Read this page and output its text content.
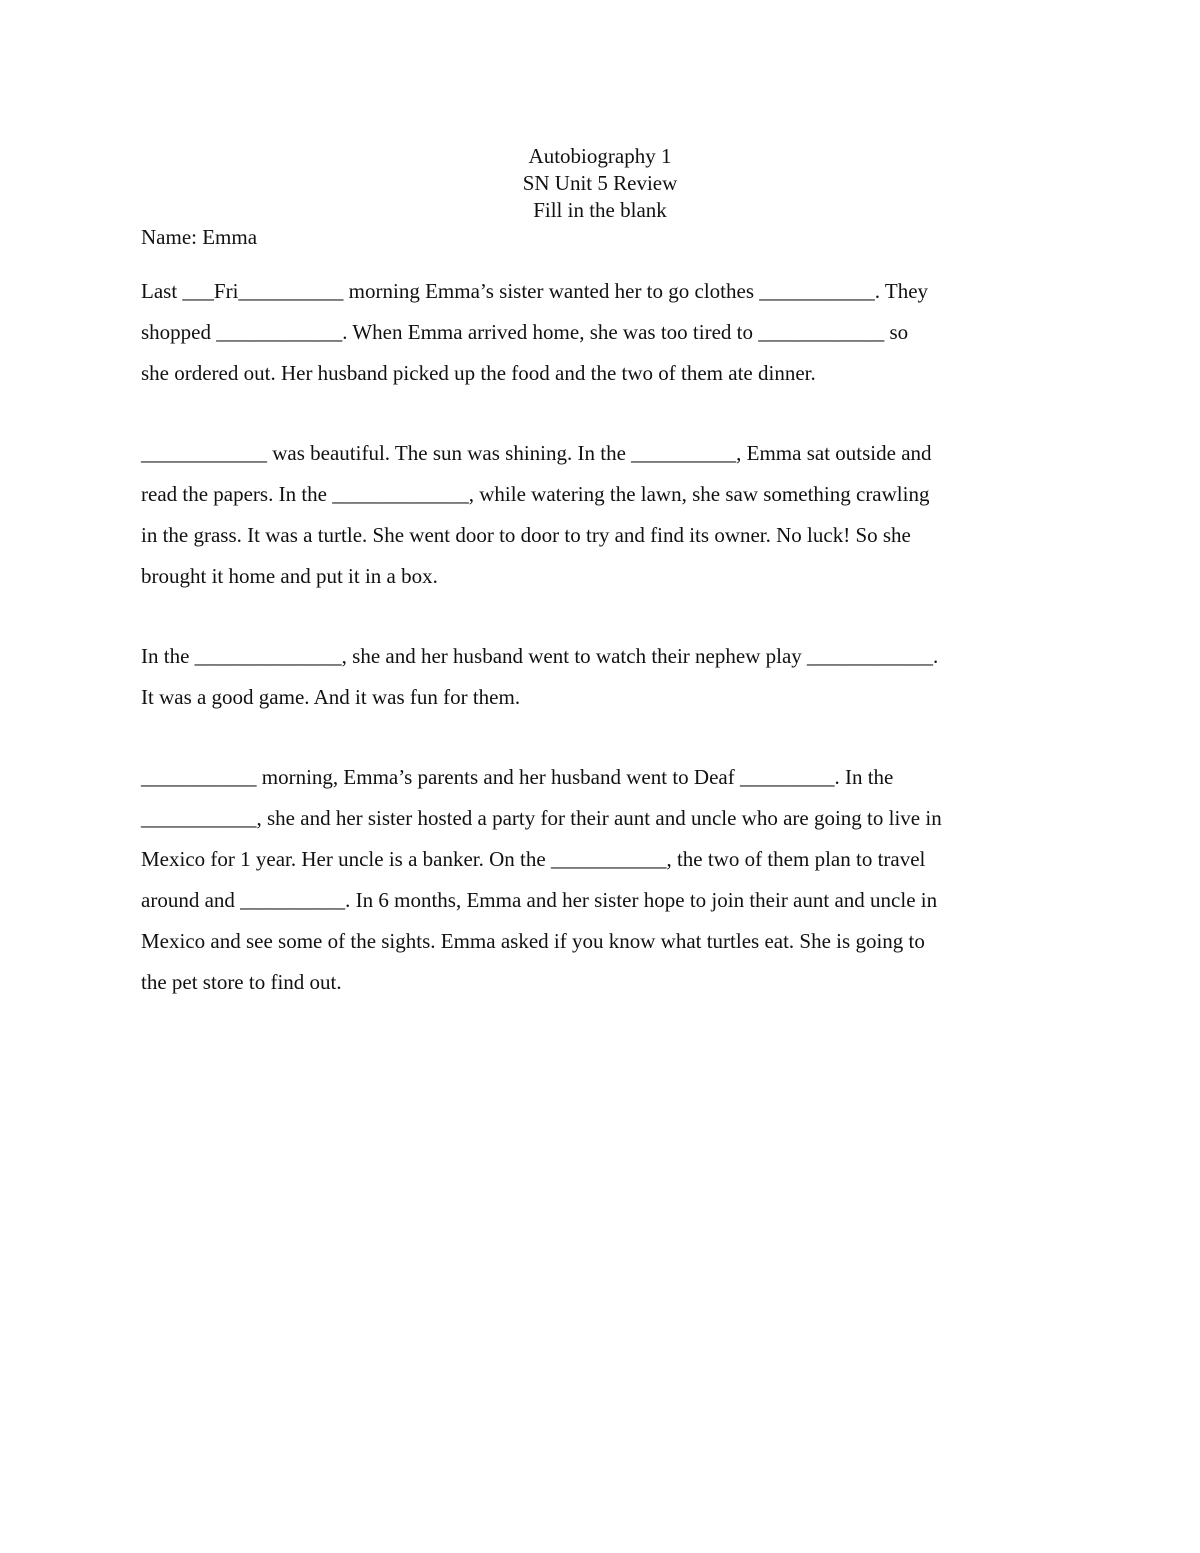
Autobiography 1
SN Unit 5 Review
Fill in the blank
Name: Emma
Last ___Fri__________ morning Emma’s sister wanted her to go clothes ___________. They
shopped ____________. When Emma arrived home, she was too tired to ____________ so
she ordered out. Her husband picked up the food and the two of them ate dinner.
____________ was beautiful. The sun was shining. In the __________, Emma sat outside and
read the papers. In the _____________, while watering the lawn, she saw something crawling
in the grass. It was a turtle. She went door to door to try and find its owner. No luck! So she
brought it home and put it in a box.
In the ______________, she and her husband went to watch their nephew play ____________.
It was a good game. And it was fun for them.
___________ morning, Emma’s parents and her husband went to Deaf _________. In the
___________, she and her sister hosted a party for their aunt and uncle who are going to live in
Mexico for 1 year. Her uncle is a banker. On the ___________, the two of them plan to travel
around and __________. In 6 months, Emma and her sister hope to join their aunt and uncle in
Mexico and see some of the sights. Emma asked if you know what turtles eat. She is going to
the pet store to find out.
